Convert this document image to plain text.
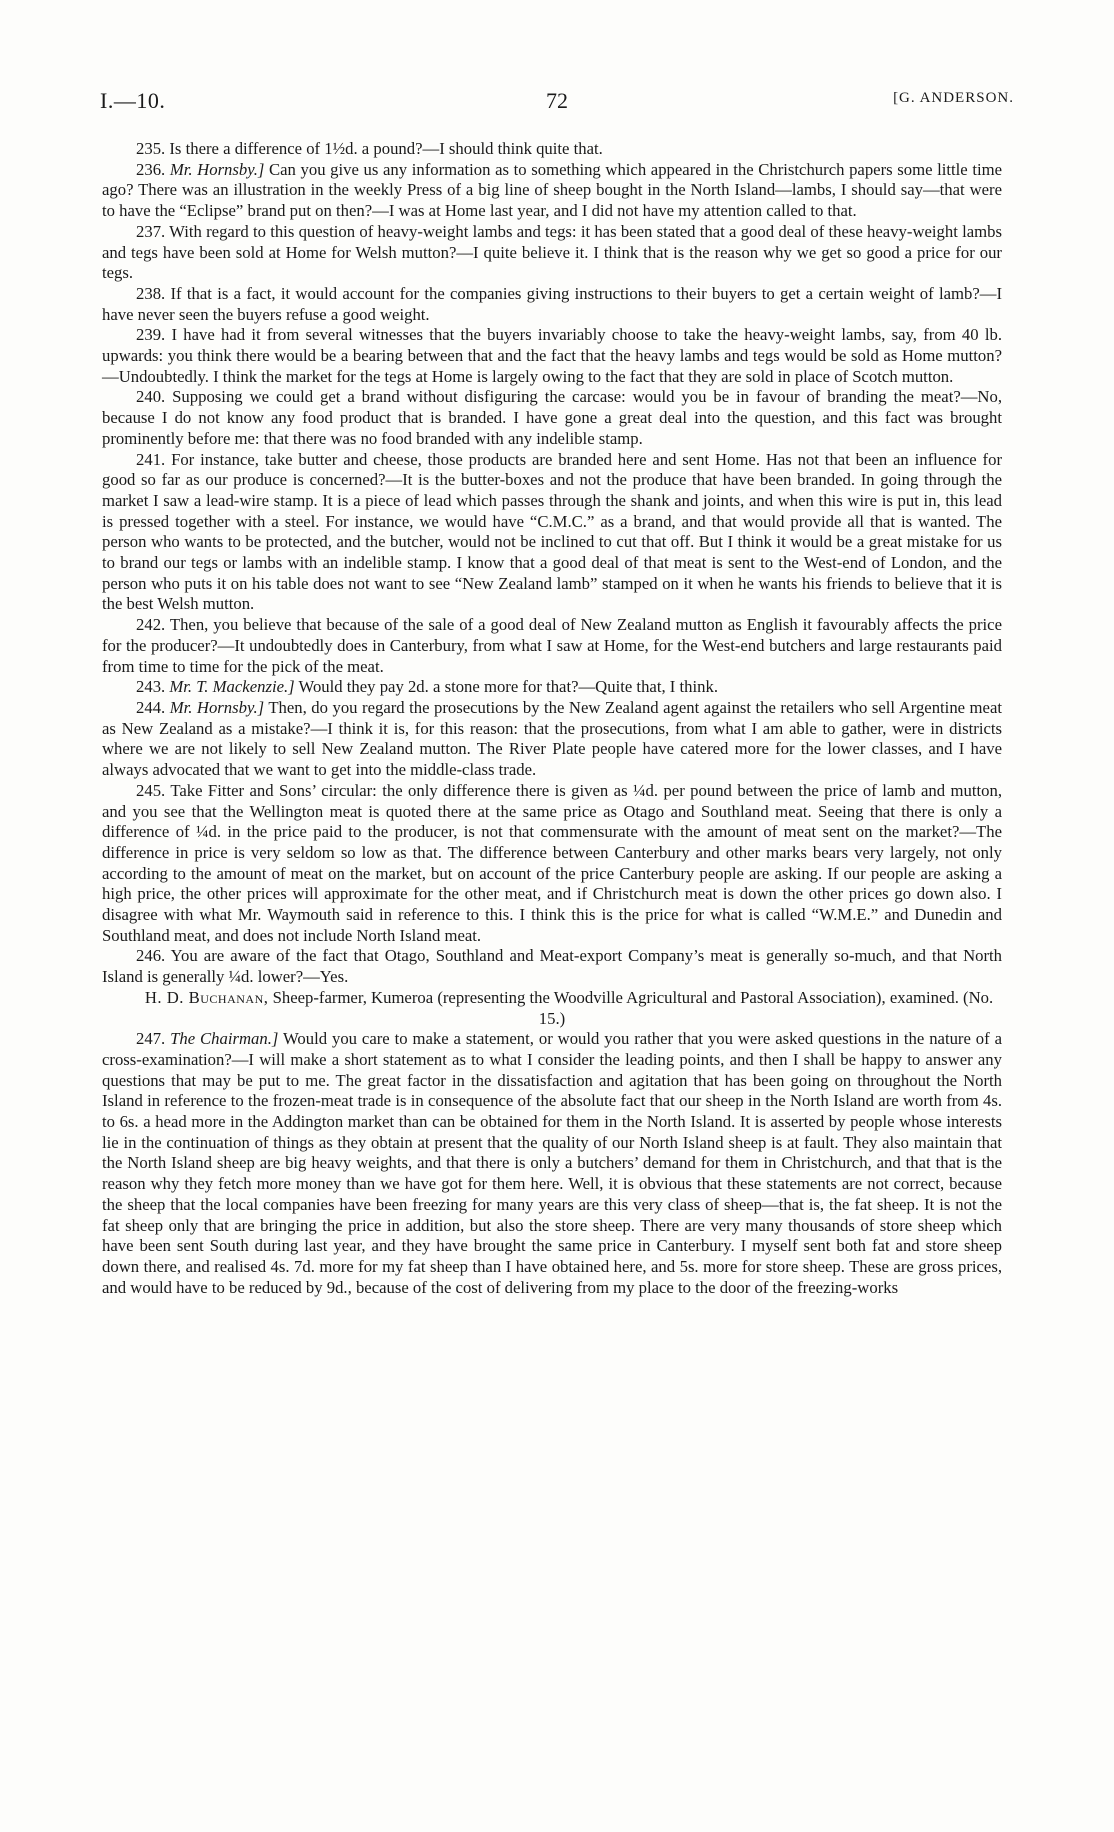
I.—10.	72	[G. ANDERSON.

235. Is there a difference of 1½d. a pound?—I should think quite that.

236. Mr. Hornsby.] Can you give us any information as to something which appeared in the Christchurch papers some little time ago? There was an illustration in the weekly Press of a big line of sheep bought in the North Island—lambs, I should say—that were to have the “Eclipse” brand put on then?—I was at Home last year, and I did not have my attention called to that.

237. With regard to this question of heavy-weight lambs and tegs: it has been stated that a good deal of these heavy-weight lambs and tegs have been sold at Home for Welsh mutton?—I quite believe it. I think that is the reason why we get so good a price for our tegs.

238. If that is a fact, it would account for the companies giving instructions to their buyers to get a certain weight of lamb?—I have never seen the buyers refuse a good weight.

239. I have had it from several witnesses that the buyers invariably choose to take the heavy-weight lambs, say, from 40 lb. upwards: you think there would be a bearing between that and the fact that the heavy lambs and tegs would be sold as Home mutton?—Undoubtedly. I think the market for the tegs at Home is largely owing to the fact that they are sold in place of Scotch mutton.

240. Supposing we could get a brand without disfiguring the carcase: would you be in favour of branding the meat?—No, because I do not know any food product that is branded. I have gone a great deal into the question, and this fact was brought prominently before me: that there was no food branded with any indelible stamp.

241. For instance, take butter and cheese, those products are branded here and sent Home. Has not that been an influence for good so far as our produce is concerned?—It is the butter-boxes and not the produce that have been branded. In going through the market I saw a lead-wire stamp. It is a piece of lead which passes through the shank and joints, and when this wire is put in, this lead is pressed together with a steel. For instance, we would have “C.M.C.” as a brand, and that would provide all that is wanted. The person who wants to be protected, and the butcher, would not be inclined to cut that off. But I think it would be a great mistake for us to brand our tegs or lambs with an indelible stamp. I know that a good deal of that meat is sent to the West-end of London, and the person who puts it on his table does not want to see “New Zealand lamb” stamped on it when he wants his friends to believe that it is the best Welsh mutton.

242. Then, you believe that because of the sale of a good deal of New Zealand mutton as English it favourably affects the price for the producer?—It undoubtedly does in Canterbury, from what I saw at Home, for the West-end butchers and large restaurants paid from time to time for the pick of the meat.

243. Mr. T. Mackenzie.] Would they pay 2d. a stone more for that?—Quite that, I think.

244. Mr. Hornsby.] Then, do you regard the prosecutions by the New Zealand agent against the retailers who sell Argentine meat as New Zealand as a mistake?—I think it is, for this reason: that the prosecutions, from what I am able to gather, were in districts where we are not likely to sell New Zealand mutton. The River Plate people have catered more for the lower classes, and I have always advocated that we want to get into the middle-class trade.

245. Take Fitter and Sons’ circular: the only difference there is given as ¼d. per pound between the price of lamb and mutton, and you see that the Wellington meat is quoted there at the same price as Otago and Southland meat. Seeing that there is only a difference of ¼d. in the price paid to the producer, is not that commensurate with the amount of meat sent on the market?—The difference in price is very seldom so low as that. The difference between Canterbury and other marks bears very largely, not only according to the amount of meat on the market, but on account of the price Canterbury people are asking. If our people are asking a high price, the other prices will approximate for the other meat, and if Christchurch meat is down the other prices go down also. I disagree with what Mr. Waymouth said in reference to this. I think this is the price for what is called “W.M.E.” and Dunedin and Southland meat, and does not include North Island meat.

246. You are aware of the fact that Otago, Southland and Meat-export Company’s meat is generally so-much, and that North Island is generally ¼d. lower?—Yes.

H. D. Buchanan, Sheep-farmer, Kumeroa (representing the Woodville Agricultural and Pastoral Association), examined. (No. 15.)

247. The Chairman.] Would you care to make a statement, or would you rather that you were asked questions in the nature of a cross-examination?—I will make a short statement as to what I consider the leading points, and then I shall be happy to answer any questions that may be put to me. The great factor in the dissatisfaction and agitation that has been going on throughout the North Island in reference to the frozen-meat trade is in consequence of the absolute fact that our sheep in the North Island are worth from 4s. to 6s. a head more in the Addington market than can be obtained for them in the North Island. It is asserted by people whose interests lie in the continuation of things as they obtain at present that the quality of our North Island sheep is at fault. They also maintain that the North Island sheep are big heavy weights, and that there is only a butchers’ demand for them in Christchurch, and that that is the reason why they fetch more money than we have got for them here. Well, it is obvious that these statements are not correct, because the sheep that the local companies have been freezing for many years are this very class of sheep—that is, the fat sheep. It is not the fat sheep only that are bringing the price in addition, but also the store sheep. There are very many thousands of store sheep which have been sent South during last year, and they have brought the same price in Canterbury. I myself sent both fat and store sheep down there, and realised 4s. 7d. more for my fat sheep than I have obtained here, and 5s. more for store sheep. These are gross prices, and would have to be reduced by 9d., because of the cost of delivering from my place to the door of the freezing-works
